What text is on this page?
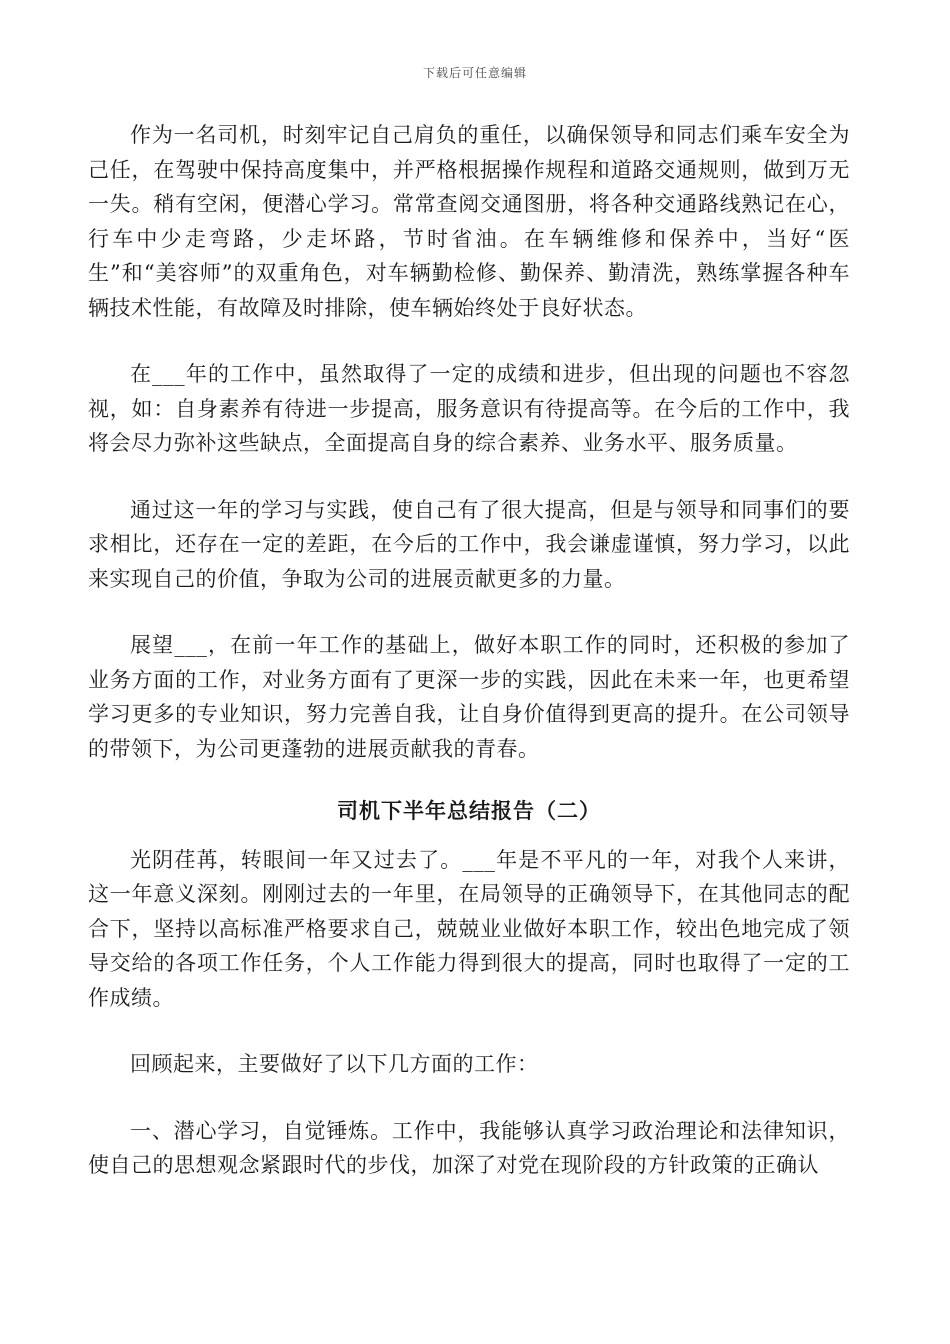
下载后可任意编辑

作为一名司机，时刻牢记自己肩负的重任，以确保领导和同志们乘车安全为己任，在驾驶中保持高度集中，并严格根据操作规程和道路交通规则，做到万无一失。稍有空闲，便潜心学习。常常查阅交通图册，将各种交通路线熟记在心，行车中少走弯路，少走坏路，节时省油。在车辆维修和保养中，当好“医生”和“美容师”的双重角色，对车辆勤检修、勤保养、勤清洗，熟练掌握各种车辆技术性能，有故障及时排除，使车辆始终处于良好状态。

在___年的工作中，虽然取得了一定的成绩和进步，但出现的问题也不容忽视，如：自身素养有待进一步提高，服务意识有待提高等。在今后的工作中，我将会尽力弥补这些缺点，全面提高自身的综合素养、业务水平、服务质量。

通过这一年的学习与实践，使自己有了很大提高，但是与领导和同事们的要求相比，还存在一定的差距，在今后的工作中，我会谦虚谨慎，努力学习，以此来实现自己的价值，争取为公司的进展贡献更多的力量。

展望___，在前一年工作的基础上，做好本职工作的同时，还积极的参加了业务方面的工作，对业务方面有了更深一步的实践，因此在未来一年，也更希望学习更多的专业知识，努力完善自我，让自身价值得到更高的提升。在公司领导的带领下，为公司更蓬勃的进展贡献我的青春。

司机下半年总结报告（二）

光阴荏苒，转眼间一年又过去了。___年是不平凡的一年，对我个人来讲，这一年意义深刻。刚刚过去的一年里，在局领导的正确领导下，在其他同志的配合下，坚持以高标准严格要求自己，兢兢业业做好本职工作，较出色地完成了领导交给的各项工作任务，个人工作能力得到很大的提高，同时也取得了一定的工作成绩。

回顾起来，主要做好了以下几方面的工作：

一、潜心学习，自觉锤炼。工作中，我能够认真学习政治理论和法律知识，使自己的思想观念紧跟时代的步伐，加深了对党在现阶段的方针政策的正确认
